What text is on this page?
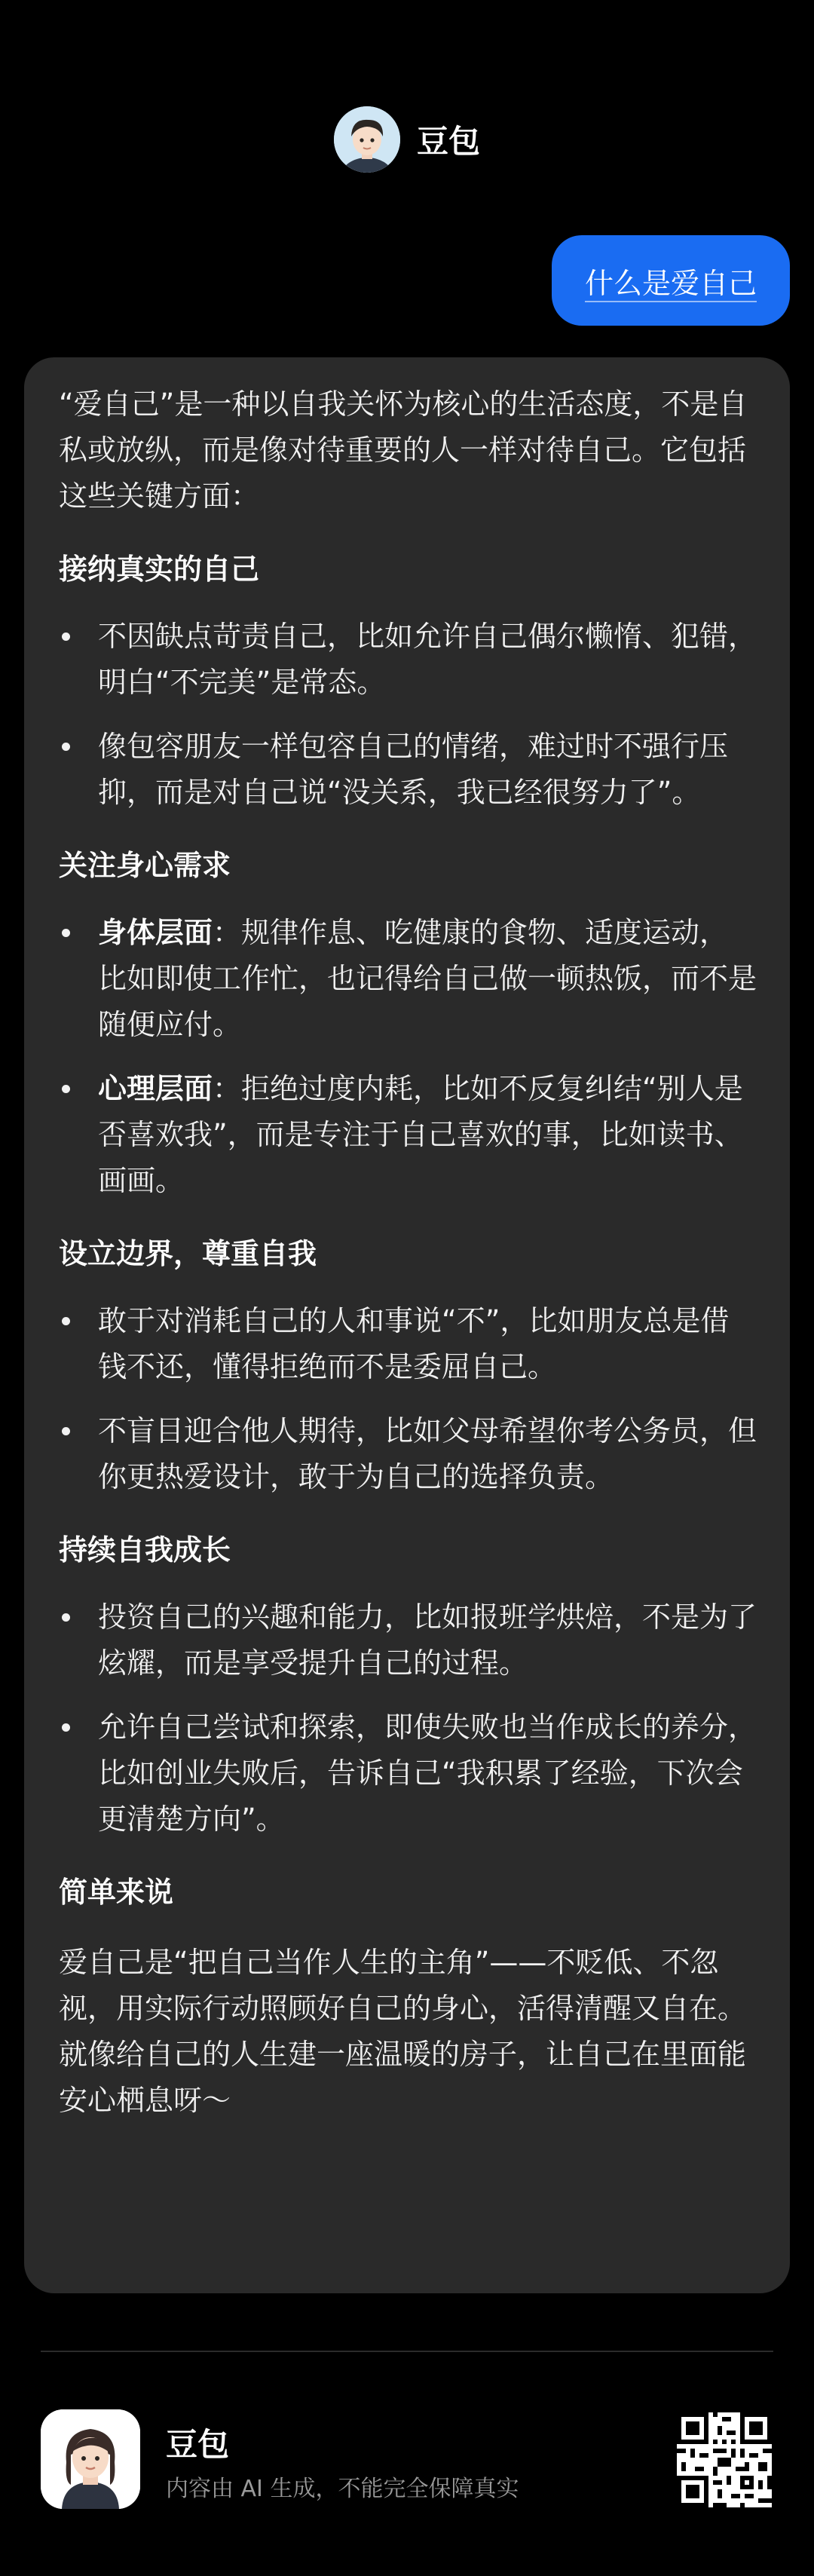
豆包
什么是爱自己

“爱自己”是一种以自我关怀为核心的生活态度，不是自私或放纵，而是像对待重要的人一样对待自己。它包括这些关键方面：

接纳真实的自己

不因缺点苛责自己，比如允许自己偶尔懒惰、犯错，明白“不完美”是常态。
像包容朋友一样包容自己的情绪，难过时不强行压抑，而是对自己说“没关系，我已经很努力了”。

关注身心需求

身体层面：规律作息、吃健康的食物、适度运动，比如即使工作忙，也记得给自己做一顿热饭，而不是随便应付。
心理层面：拒绝过度内耗，比如不反复纠结“别人是否喜欢我”，而是专注于自己喜欢的事，比如读书、画画。

设立边界，尊重自我

敢于对消耗自己的人和事说“不”，比如朋友总是借钱不还，懂得拒绝而不是委屈自己。
不盲目迎合他人期待，比如父母希望你考公务员，但你更热爱设计，敢于为自己的选择负责。

持续自我成长

投资自己的兴趣和能力，比如报班学烘焙，不是为了炫耀，而是享受提升自己的过程。
允许自己尝试和探索，即使失败也当作成长的养分，比如创业失败后，告诉自己“我积累了经验，下次会更清楚方向”。

简单来说

爱自己是“把自己当作人生的主角”——不贬低、不忽视，用实际行动照顾好自己的身心，活得清醒又自在。就像给自己的人生建一座温暖的房子，让自己在里面能安心栖息呀～

豆包
内容由 AI 生成，不能完全保障真实
